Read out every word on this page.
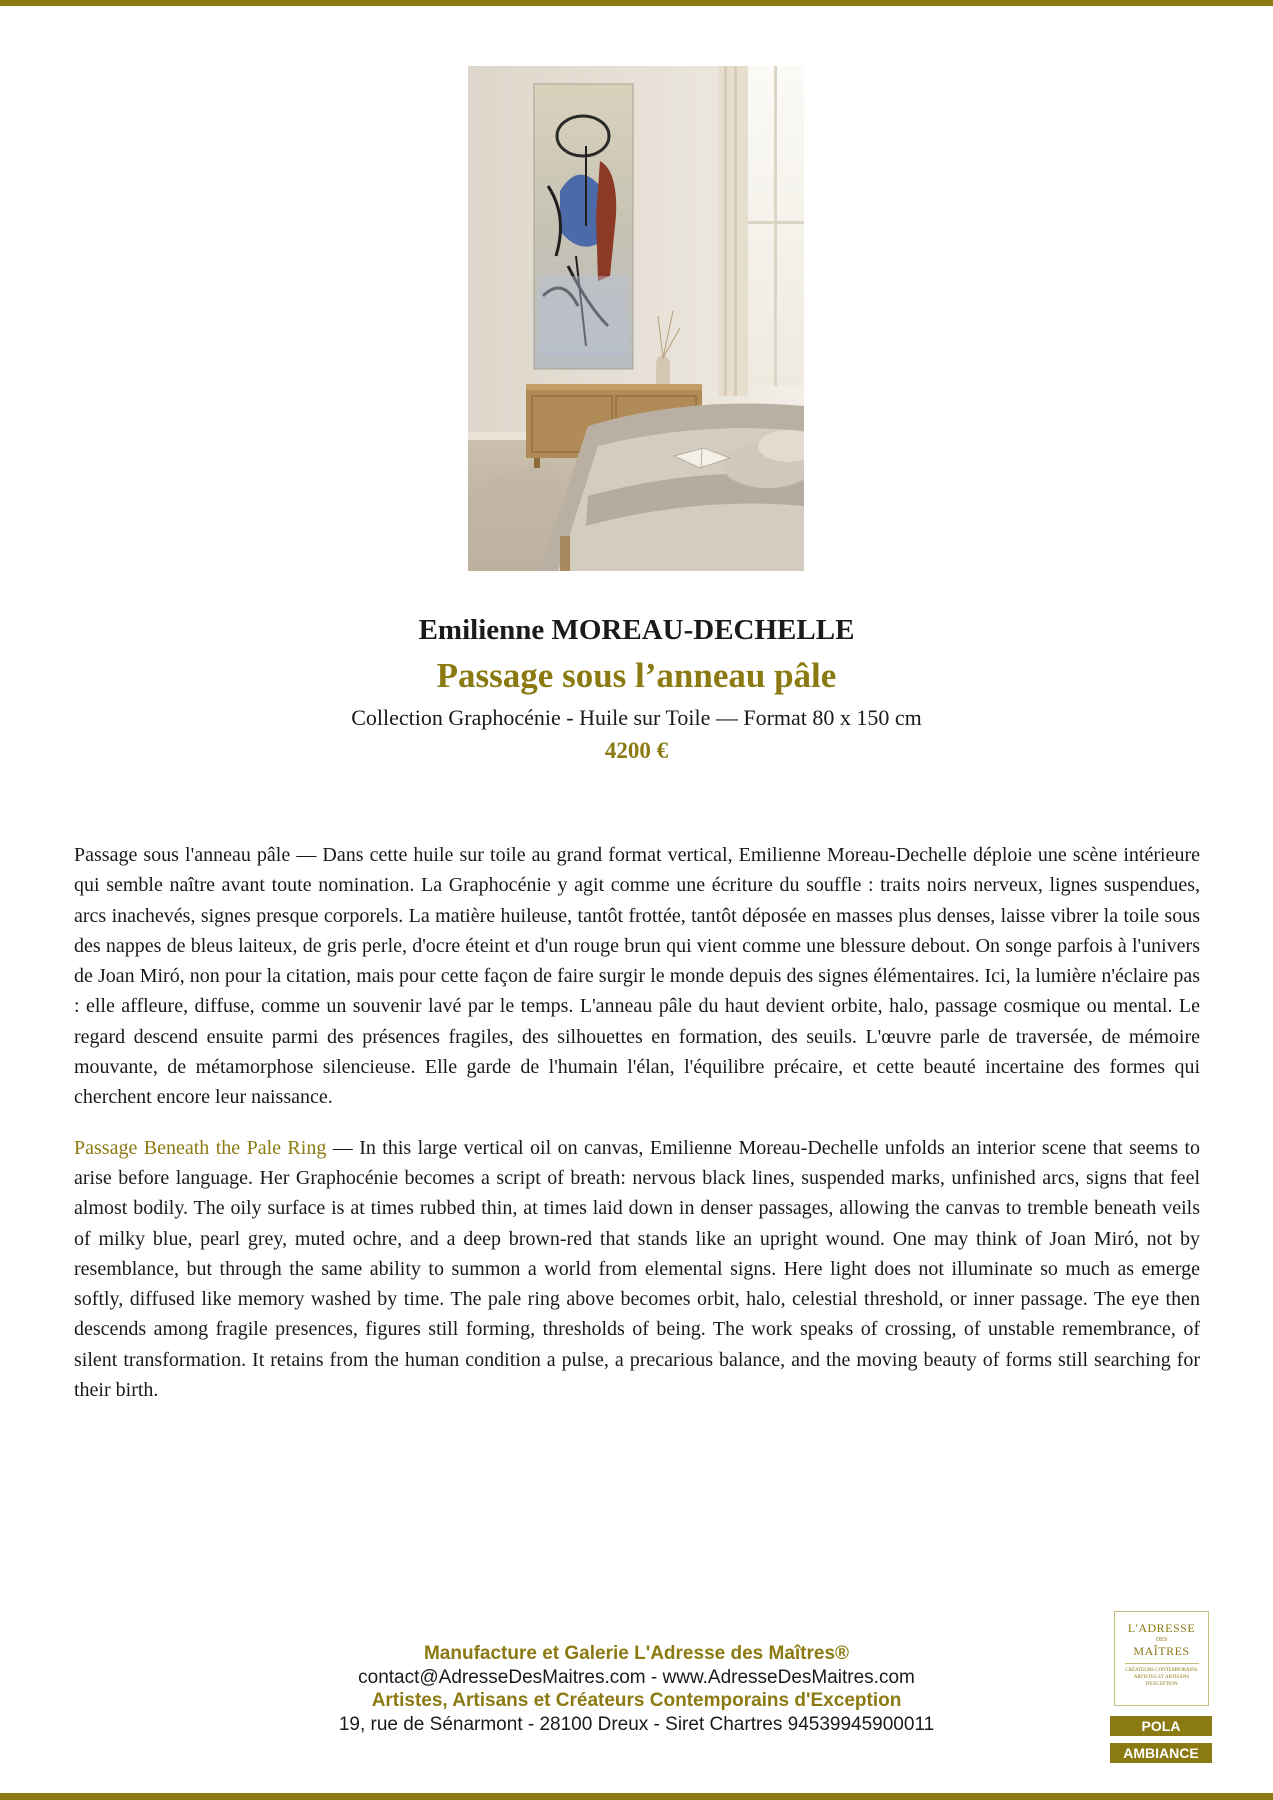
Emilienne MOREAU-DECHELLE
Passage sous l’anneau pâle
Collection Graphocénie - Huile sur Toile — Format 80 x 150 cm
4200 €

Passage sous l'anneau pâle — Dans cette huile sur toile au grand format vertical, Emilienne Moreau-Dechelle déploie une scène intérieure qui semble naître avant toute nomination. La Graphocénie y agit comme une écriture du souffle : traits noirs nerveux, lignes suspendues, arcs inachevés, signes presque corporels. La matière huileuse, tantôt frottée, tantôt déposée en masses plus denses, laisse vibrer la toile sous des nappes de bleus laiteux, de gris perle, d'ocre éteint et d'un rouge brun qui vient comme une blessure debout. On songe parfois à l'univers de Joan Miró, non pour la citation, mais pour cette façon de faire surgir le monde depuis des signes élémentaires. Ici, la lumière n'éclaire pas : elle affleure, diffuse, comme un souvenir lavé par le temps. L'anneau pâle du haut devient orbite, halo, passage cosmique ou mental. Le regard descend ensuite parmi des présences fragiles, des silhouettes en formation, des seuils. L'œuvre parle de traversée, de mémoire mouvante, de métamorphose silencieuse. Elle garde de l'humain l'élan, l'équilibre précaire, et cette beauté incertaine des formes qui cherchent encore leur naissance.

Passage Beneath the Pale Ring — In this large vertical oil on canvas, Emilienne Moreau-Dechelle unfolds an interior scene that seems to arise before language. Her Graphocénie becomes a script of breath: nervous black lines, suspended marks, unfinished arcs, signs that feel almost bodily. The oily surface is at times rubbed thin, at times laid down in denser passages, allowing the canvas to tremble beneath veils of milky blue, pearl grey, muted ochre, and a deep brown-red that stands like an upright wound. One may think of Joan Miró, not by resemblance, but through the same ability to summon a world from elemental signs. Here light does not illuminate so much as emerge softly, diffused like memory washed by time. The pale ring above becomes orbit, halo, celestial threshold, or inner passage. The eye then descends among fragile presences, figures still forming, thresholds of being. The work speaks of crossing, of unstable remembrance, of silent transformation. It retains from the human condition a pulse, a precarious balance, and the moving beauty of forms still searching for their birth.

Manufacture et Galerie L'Adresse des Maîtres®
contact@AdresseDesMaitres.com - www.AdresseDesMaitres.com
Artistes, Artisans et Créateurs Contemporains d'Exception
19, rue de Sénarmont - 28100 Dreux - Siret Chartres 94539945900011
L'ADRESSE
DES
MAÎTRES
CRÉATEURS CONTEMPORAINS ARTISTES ET ARTISANS D'EXCEPTION
POLA
AMBIANCE
